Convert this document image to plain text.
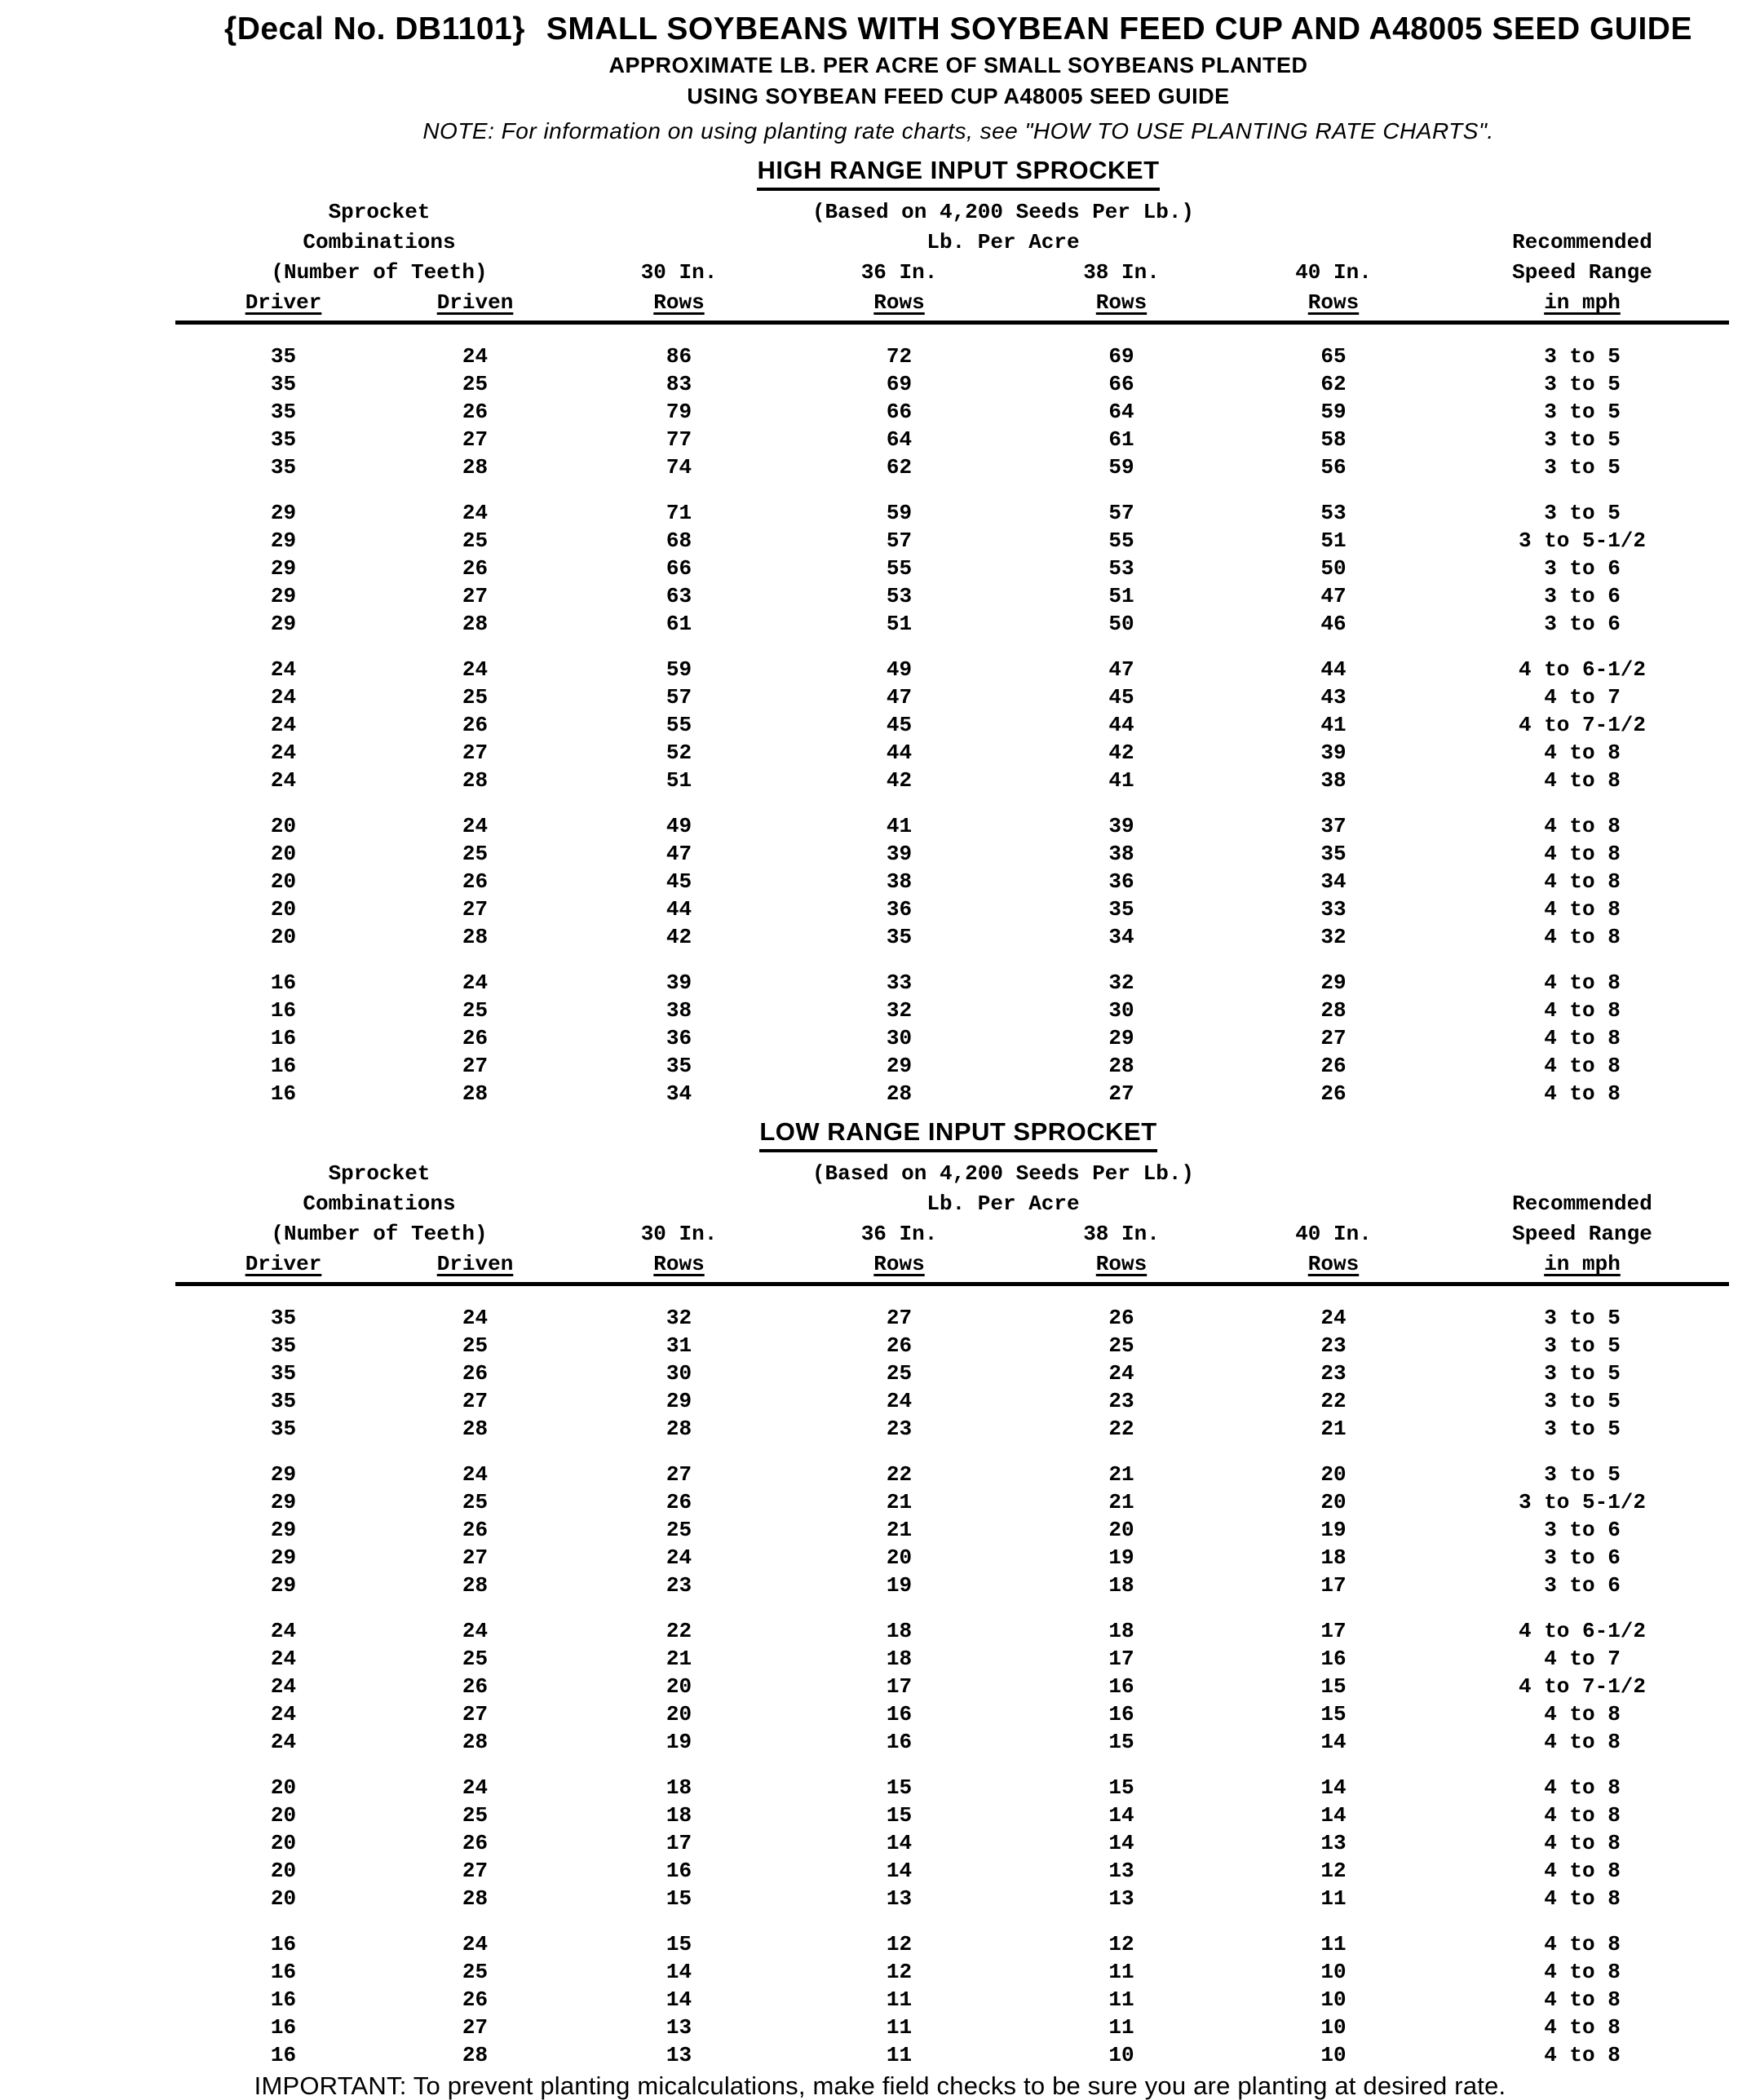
{Decal No. DB1101} SMALL SOYBEANS WITH SOYBEAN FEED CUP AND A48005 SEED GUIDE
APPROXIMATE LB. PER ACRE OF SMALL SOYBEANS PLANTED
USING SOYBEAN FEED CUP A48005 SEED GUIDE
NOTE: For information on using planting rate charts, see "HOW TO USE PLANTING RATE CHARTS".
HIGH RANGE INPUT SPROCKET
Sprocket	(Based on 4,200 Seeds Per Lb.)
Combinations	Lb. Per Acre	Recommended
(Number of Teeth)	30 In.	36 In.	38 In.	40 In.	Speed Range
Driver	Driven	Rows	Rows	Rows	Rows	in mph
35	24	86	72	69	65	3 to 5
35	25	83	69	66	62	3 to 5
35	26	79	66	64	59	3 to 5
35	27	77	64	61	58	3 to 5
35	28	74	62	59	56	3 to 5
29	24	71	59	57	53	3 to 5
29	25	68	57	55	51	3 to 5-1/2
29	26	66	55	53	50	3 to 6
29	27	63	53	51	47	3 to 6
29	28	61	51	50	46	3 to 6
24	24	59	49	47	44	4 to 6-1/2
24	25	57	47	45	43	4 to 7
24	26	55	45	44	41	4 to 7-1/2
24	27	52	44	42	39	4 to 8
24	28	51	42	41	38	4 to 8
20	24	49	41	39	37	4 to 8
20	25	47	39	38	35	4 to 8
20	26	45	38	36	34	4 to 8
20	27	44	36	35	33	4 to 8
20	28	42	35	34	32	4 to 8
16	24	39	33	32	29	4 to 8
16	25	38	32	30	28	4 to 8
16	26	36	30	29	27	4 to 8
16	27	35	29	28	26	4 to 8
16	28	34	28	27	26	4 to 8
LOW RANGE INPUT SPROCKET
Sprocket	(Based on 4,200 Seeds Per Lb.)
Combinations	Lb. Per Acre	Recommended
(Number of Teeth)	30 In.	36 In.	38 In.	40 In.	Speed Range
Driver	Driven	Rows	Rows	Rows	Rows	in mph
35	24	32	27	26	24	3 to 5
35	25	31	26	25	23	3 to 5
35	26	30	25	24	23	3 to 5
35	27	29	24	23	22	3 to 5
35	28	28	23	22	21	3 to 5
29	24	27	22	21	20	3 to 5
29	25	26	21	21	20	3 to 5-1/2
29	26	25	21	20	19	3 to 6
29	27	24	20	19	18	3 to 6
29	28	23	19	18	17	3 to 6
24	24	22	18	18	17	4 to 6-1/2
24	25	21	18	17	16	4 to 7
24	26	20	17	16	15	4 to 7-1/2
24	27	20	16	16	15	4 to 8
24	28	19	16	15	14	4 to 8
20	24	18	15	15	14	4 to 8
20	25	18	15	14	14	4 to 8
20	26	17	14	14	13	4 to 8
20	27	16	14	13	12	4 to 8
20	28	15	13	13	11	4 to 8
16	24	15	12	12	11	4 to 8
16	25	14	12	11	10	4 to 8
16	26	14	11	11	10	4 to 8
16	27	13	11	11	10	4 to 8
16	28	13	11	10	10	4 to 8
IMPORTANT: To prevent planting micalculations, make field checks to be sure you are planting at desired rate.
